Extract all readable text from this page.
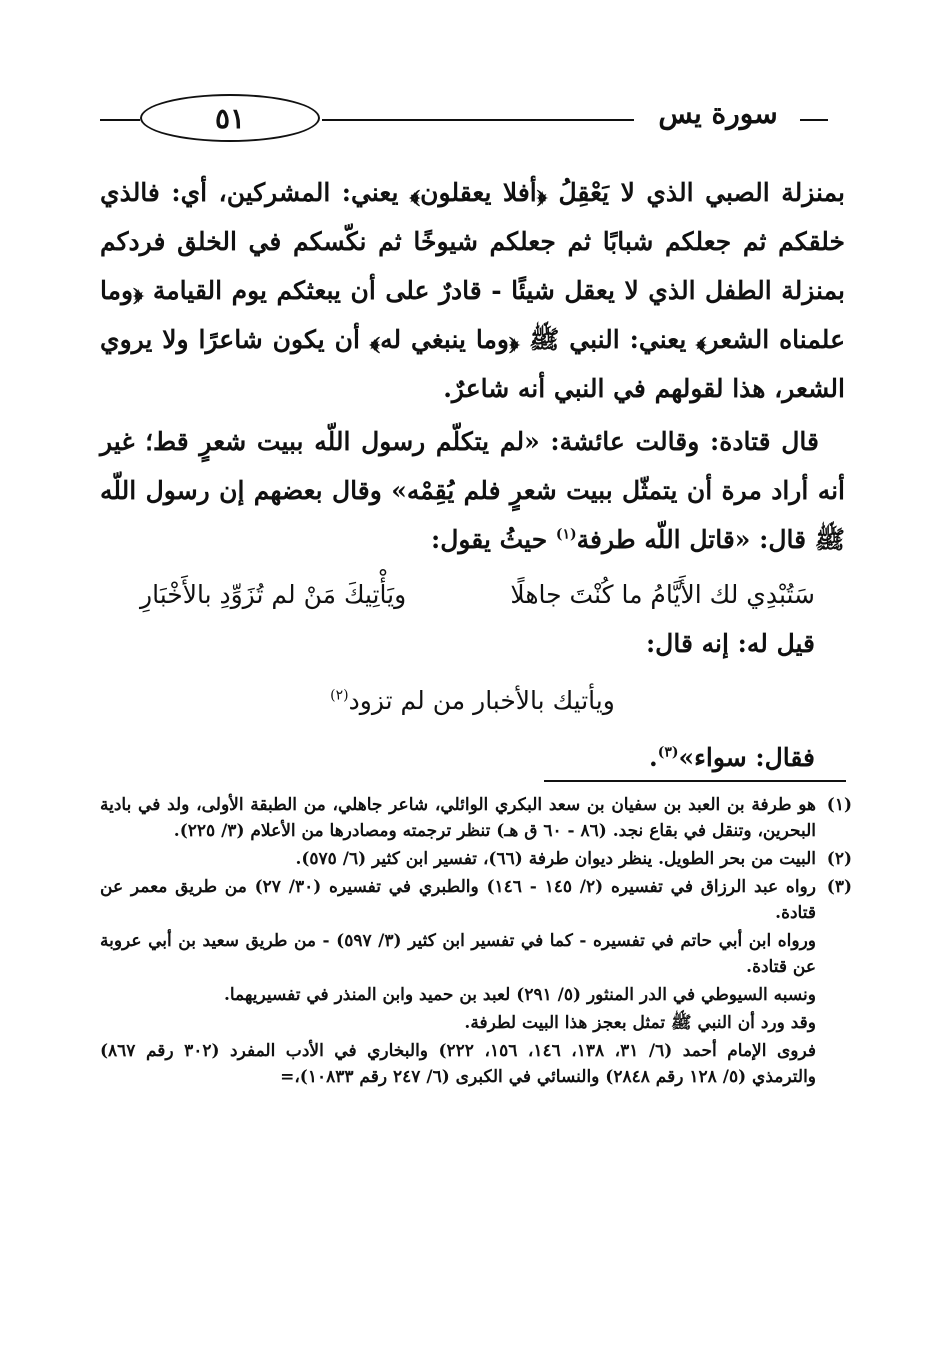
٥١	سورة يس

بمنزلة الصبي الذي لا يَعْقِلُ ﴿أفلا يعقلون﴾ يعني: المشركين، أي: فالذي خلقكم ثم جعلكم شبابًا ثم جعلكم شيوخًا ثم نكّسكم في الخلق فردكم بمنزلة الطفل الذي لا يعقل شيئًا - قادرٌ على أن يبعثكم يوم القيامة ﴿وما علمناه الشعر﴾ يعني: النبي ﷺ ﴿وما ينبغي له﴾ أن يكون شاعرًا ولا يروي الشعر، هذا لقولهم في النبي أنه شاعرٌ.

قال قتادة: وقالت عائشة: «لم يتكلّم رسول اللّه ببيت شعرٍ قط؛ غير أنه أراد مرة أن يتمثّل ببيت شعرٍ فلم يُقِمْه» وقال بعضهم إن رسول اللّه ﷺ قال: «قاتل اللّه طرفة$^{(١)}$ حيثُ يقول:

سَتُبْدِي لك الأَيَّامُ ما كُنْتَ جاهلًا
ويَأْتِيكَ مَنْ لم تُزَوِّدِ بالأَخْبَارِ

قيل له: إنه قال:

ويأتيك بالأخبار من لم تزود$^{(٢)}$

فقال: سواء»$^{(٣)}$.

(١)

هو طرفة بن العبد بن سفيان بن سعد البكري الوائلي، شاعر جاهلي، من الطبقة الأولى، ولد في بادية البحرين، وتنقل في بقاع نجد. (٨٦ - ٦٠ ق هـ) تنظر ترجمته ومصادرها من الأعلام (٣/ ٢٢٥).

(٢)

البيت من بحر الطويل. ينظر ديوان طرفة (٦٦)، تفسير ابن كثير (٦/ ٥٧٥).

(٣)

رواه عبد الرزاق في تفسيره (٢/ ١٤٥ - ١٤٦) والطبري في تفسيره (٣٠/ ٢٧) من طريق معمر عن قتادة.

ورواه ابن أبي حاتم في تفسيره - كما في تفسير ابن كثير (٣/ ٥٩٧) - من طريق سعيد بن أبي عروبة عن قتادة.

ونسبه السيوطي في الدر المنثور (٥/ ٢٩١) لعبد بن حميد وابن المنذر في تفسيريهما.

وقد ورد أن النبي ﷺ تمثل بعجز هذا البيت لطرفة.

فروى الإمام أحمد (٦/ ٣١، ١٣٨، ١٤٦، ١٥٦، ٢٢٢) والبخاري في الأدب المفرد (٣٠٢ رقم ٨٦٧) والترمذي (٥/ ١٢٨ رقم ٢٨٤٨) والنسائي في الكبرى (٦/ ٢٤٧ رقم ١٠٨٣٣)،=
